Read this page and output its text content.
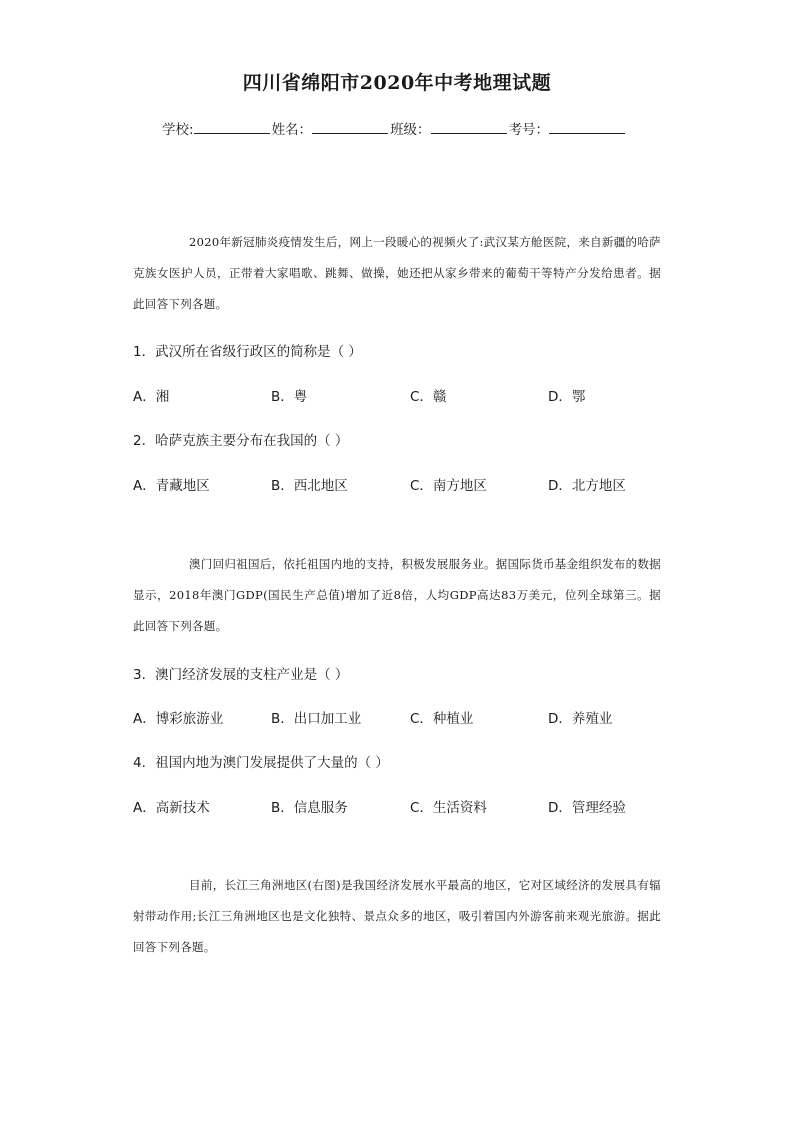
四川省绵阳市2020年中考地理试题
学校:	姓名：	班级：	考号：
2020年新冠肺炎疫情发生后，网上一段暖心的视频火了:武汉某方舱医院，来自新疆的哈萨克族女医护人员，正带着大家唱歌、跳舞、做操，她还把从家乡带来的葡萄干等特产分发给患者。据此回答下列各题。
1．武汉所在省级行政区的简称是（ ）
A．湘	B．粤	C．赣	D．鄂
2．哈萨克族主要分布在我国的（ ）
A．青藏地区	B．西北地区	C．南方地区	D．北方地区
澳门回归祖国后，依托祖国内地的支持，积极发展服务业。据国际货币基金组织发布的数据显示，2018年澳门GDP(国民生产总值)增加了近8倍，人均GDP高达83万美元，位列全球第三。据此回答下列各题。
3．澳门经济发展的支柱产业是（ ）
A．博彩旅游业	B．出口加工业	C．种植业	D．养殖业
4．祖国内地为澳门发展提供了大量的（ ）
A．高新技术	B．信息服务	C．生活资料	D．管理经验
目前，长江三角洲地区(右图)是我国经济发展水平最高的地区，它对区域经济的发展具有辐射带动作用;长江三角洲地区也是文化独特、景点众多的地区，吸引着国内外游客前来观光旅游。据此回答下列各题。
